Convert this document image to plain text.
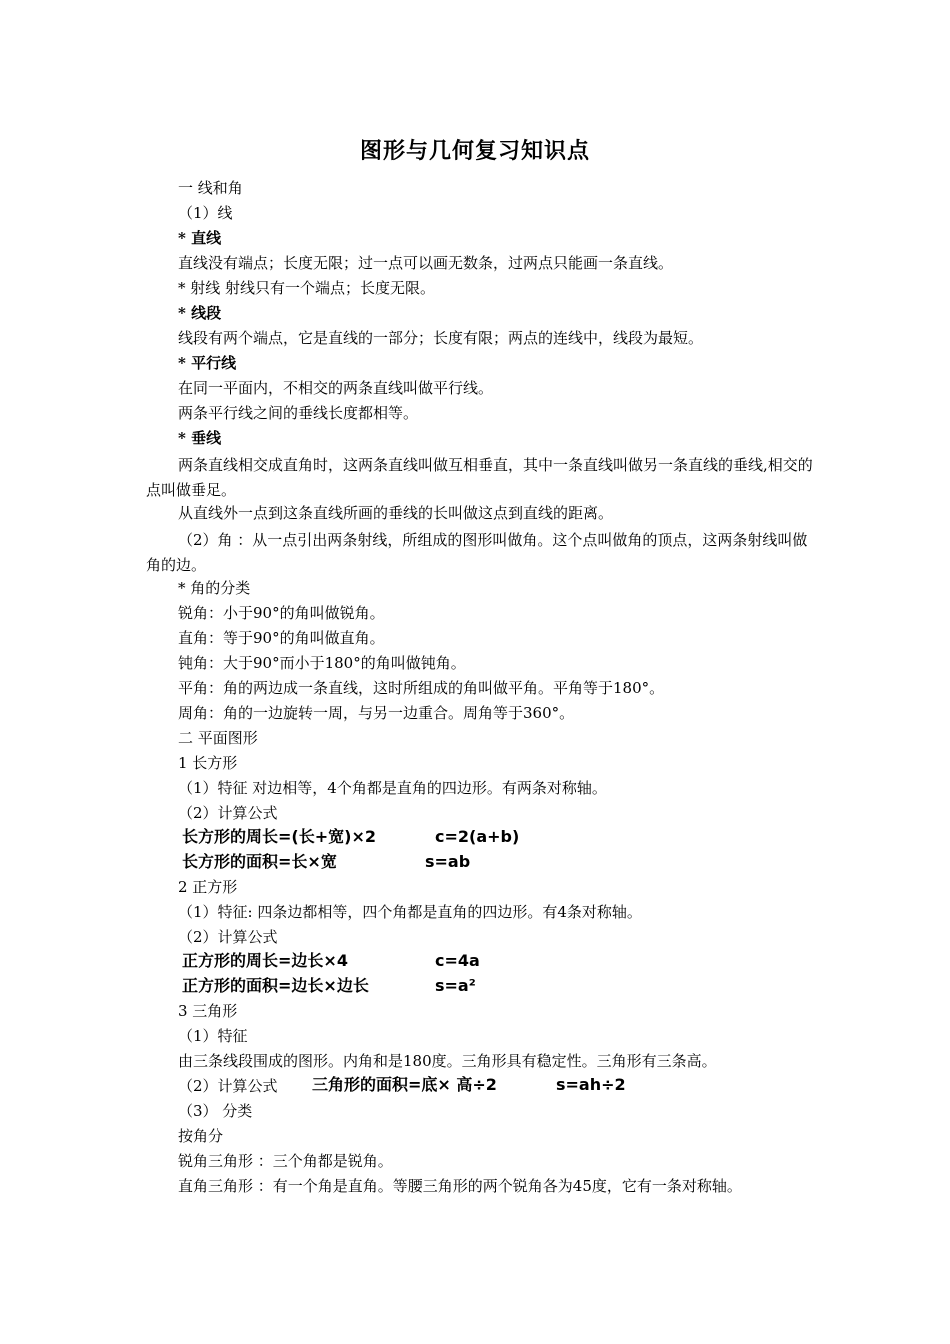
图形与几何复习知识点
一 线和角
（1）线
* 直线
直线没有端点；长度无限；过一点可以画无数条，过两点只能画一条直线。
* 射线 射线只有一个端点；长度无限。
* 线段
线段有两个端点，它是直线的一部分；长度有限；两点的连线中，线段为最短。
* 平行线
在同一平面内，不相交的两条直线叫做平行线。
两条平行线之间的垂线长度都相等。
* 垂线
两条直线相交成直角时，这两条直线叫做互相垂直，其中一条直线叫做另一条直线的垂线,相交的点叫做垂足。
从直线外一点到这条直线所画的垂线的长叫做这点到直线的距离。
（2）角 ：从一点引出两条射线，所组成的图形叫做角。这个点叫做角的顶点，这两条射线叫做角的边。
* 角的分类
锐角：小于90°的角叫做锐角。
直角：等于90°的角叫做直角。
钝角：大于90°而小于180°的角叫做钝角。
平角：角的两边成一条直线，这时所组成的角叫做平角。平角等于180°。
周角：角的一边旋转一周，与另一边重合。周角等于360°。
二 平面图形
1 长方形
（1）特征 对边相等，4个角都是直角的四边形。有两条对称轴。
（2）计算公式
长方形的周长=(长+宽)×2	c=2(a+b)
长方形的面积=长×宽	s=ab
2 正方形
（1）特征: 四条边都相等，四个角都是直角的四边形。有4条对称轴。
（2）计算公式
正方形的周长=边长×4	c=4a
正方形的面积=边长×边长	s=a²
3 三角形
（1）特征
由三条线段围成的图形。内角和是180度。三角形具有稳定性。三角形有三条高。
（2）计算公式 三角形的面积=底× 高÷2	s=ah÷2
（3） 分类
按角分
锐角三角形 ：三个角都是锐角。
直角三角形 ：有一个角是直角。等腰三角形的两个锐角各为45度，它有一条对称轴。
